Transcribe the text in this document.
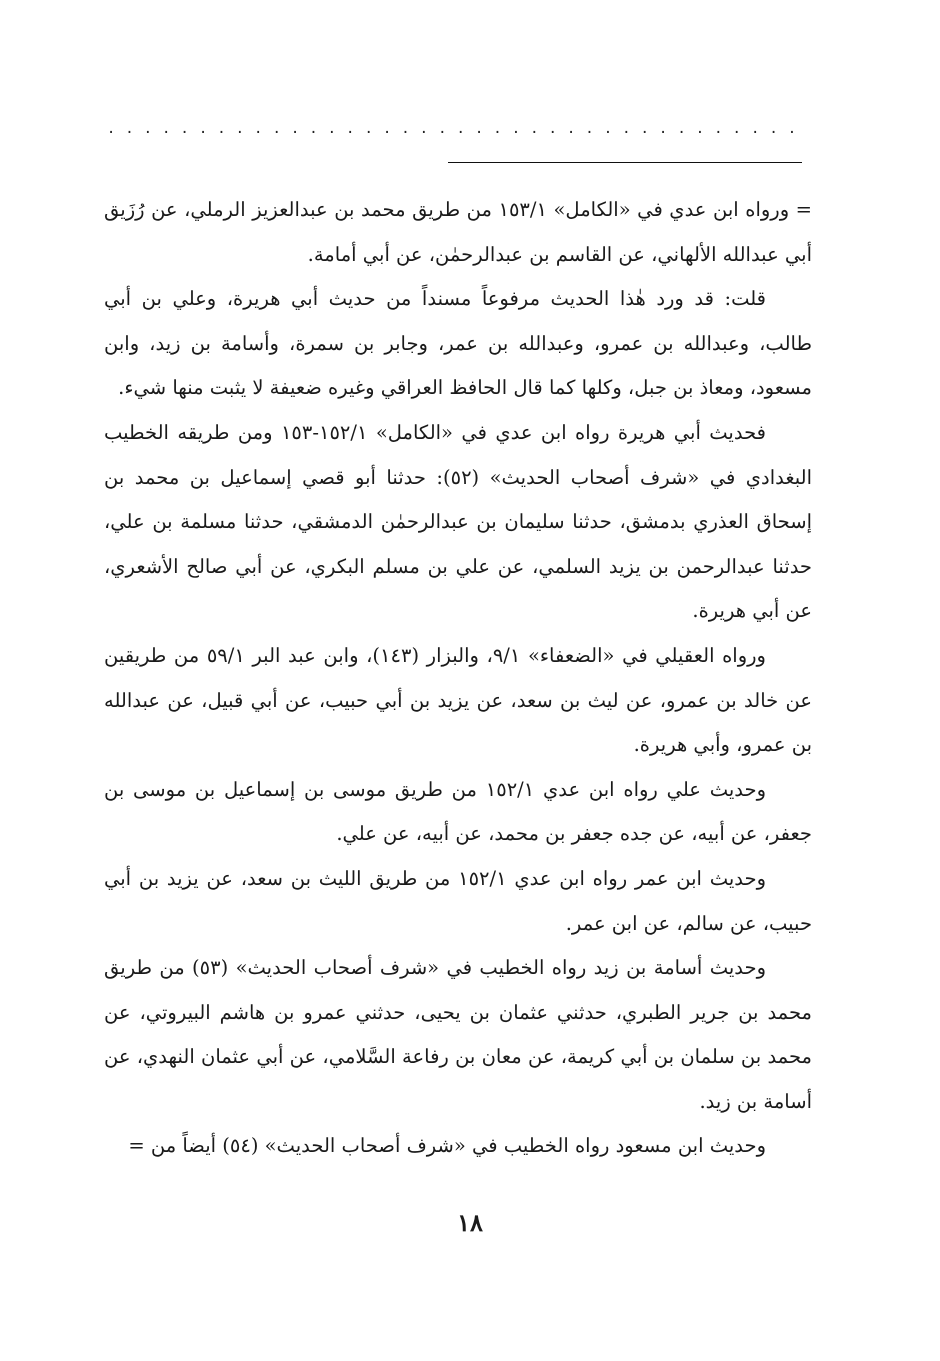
......................................

= ورواه ابن عدي في «الكامل» ١٥٣/١ من طريق محمد بن عبدالعزيز الرملي، عن رُزَيق أبي عبدالله الألهاني، عن القاسم بن عبدالرحمٰن، عن أبي أمامة.

قلت: قد ورد هٰذا الحديث مرفوعاً مسنداً من حديث أبي هريرة، وعلي بن أبي طالب، وعبدالله بن عمرو، وعبدالله بن عمر، وجابر بن سمرة، وأسامة بن زيد، وابن مسعود، ومعاذ بن جبل، وكلها كما قال الحافظ العراقي وغيره ضعيفة لا يثبت منها شيء.

فحديث أبي هريرة رواه ابن عدي في «الكامل» ١٥٢/١-١٥٣ ومن طريقه الخطيب البغدادي في «شرف أصحاب الحديث» (٥٢): حدثنا أبو قصي إسماعيل بن محمد بن إسحاق العذري بدمشق، حدثنا سليمان بن عبدالرحمٰن الدمشقي، حدثنا مسلمة بن علي، حدثنا عبدالرحمن بن يزيد السلمي، عن علي بن مسلم البكري، عن أبي صالح الأشعري، عن أبي هريرة.

ورواه العقيلي في «الضعفاء» ٩/١، والبزار (١٤٣)، وابن عبد البر ٥٩/١ من طريقين عن خالد بن عمرو، عن ليث بن سعد، عن يزيد بن أبي حبيب، عن أبي قبيل، عن عبدالله بن عمرو، وأبي هريرة.

وحديث علي رواه ابن عدي ١٥٢/١ من طريق موسى بن إسماعيل بن موسى بن جعفر، عن أبيه، عن جده جعفر بن محمد، عن أبيه، عن علي.

وحديث ابن عمر رواه ابن عدي ١٥٢/١ من طريق الليث بن سعد، عن يزيد بن أبي حبيب، عن سالم، عن ابن عمر.

وحديث أسامة بن زيد رواه الخطيب في «شرف أصحاب الحديث» (٥٣) من طريق محمد بن جرير الطبري، حدثني عثمان بن يحيى، حدثني عمرو بن هاشم البيروتي، عن محمد بن سلمان بن أبي كريمة، عن معان بن رفاعة السَّلامي، عن أبي عثمان النهدي، عن أسامة بن زيد.

وحديث ابن مسعود رواه الخطيب في «شرف أصحاب الحديث» (٥٤) أيضاً من =

١٨
